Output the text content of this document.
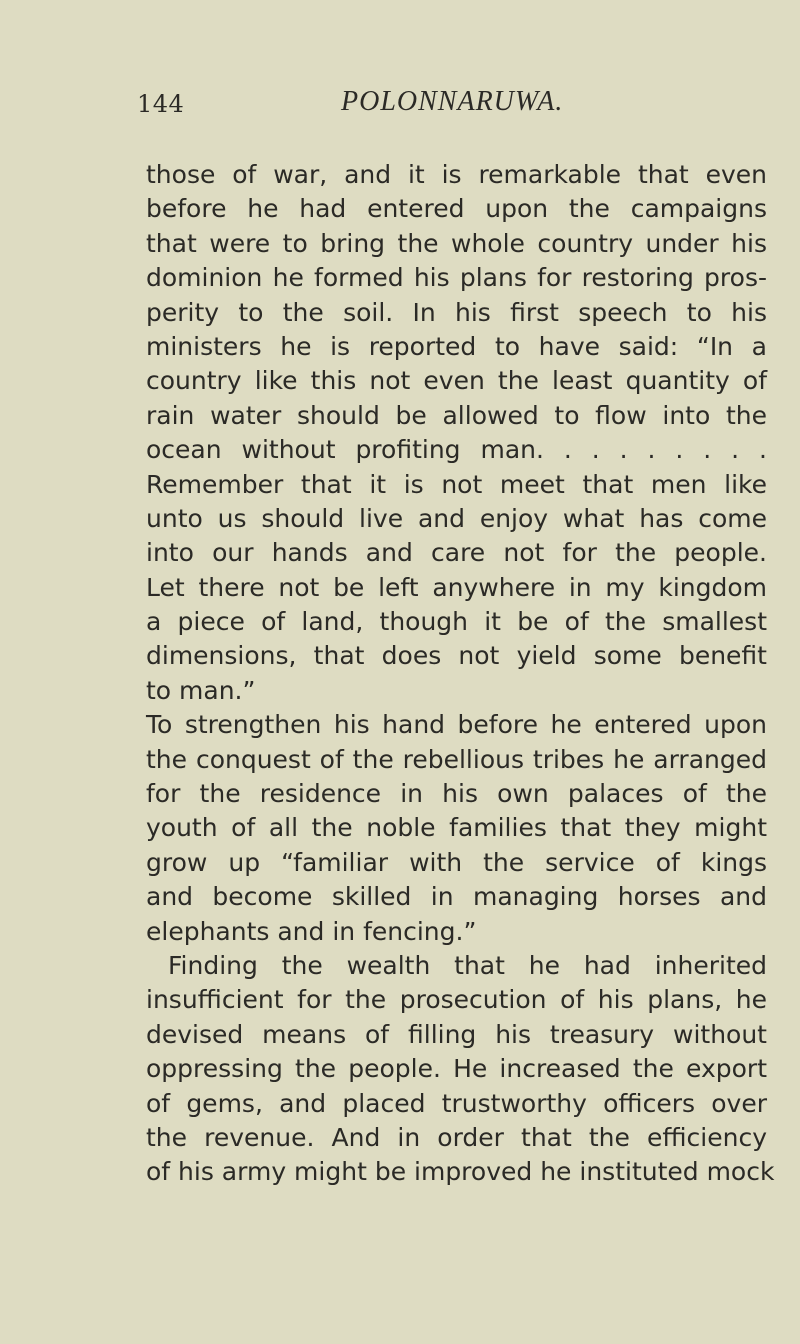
144	POLONNARUWA.
those of war, and it is remarkable that even
before he had entered upon the campaigns
that were to bring the whole country under his
dominion he formed his plans for restoring pros-
perity to the soil. In his first speech to his
ministers he is reported to have said: “In a
country like this not even the least quantity of
rain water should be allowed to flow into the
ocean without profiting man. . . . . . . . .
Remember that it is not meet that men like
unto us should live and enjoy what has come
into our hands and care not for the people.
Let there not be left anywhere in my kingdom
a piece of land, though it be of the smallest
dimensions, that does not yield some benefit
to man.”
To strengthen his hand before he entered upon
the conquest of the rebellious tribes he arranged
for the residence in his own palaces of the
youth of all the noble families that they might
grow up “familiar with the service of kings
and become skilled in managing horses and
elephants and in fencing.”
Finding the wealth that he had inherited
insufficient for the prosecution of his plans, he
devised means of filling his treasury without
oppressing the people. He increased the export
of gems, and placed trustworthy officers over
the revenue. And in order that the efficiency
of his army might be improved he instituted mock
